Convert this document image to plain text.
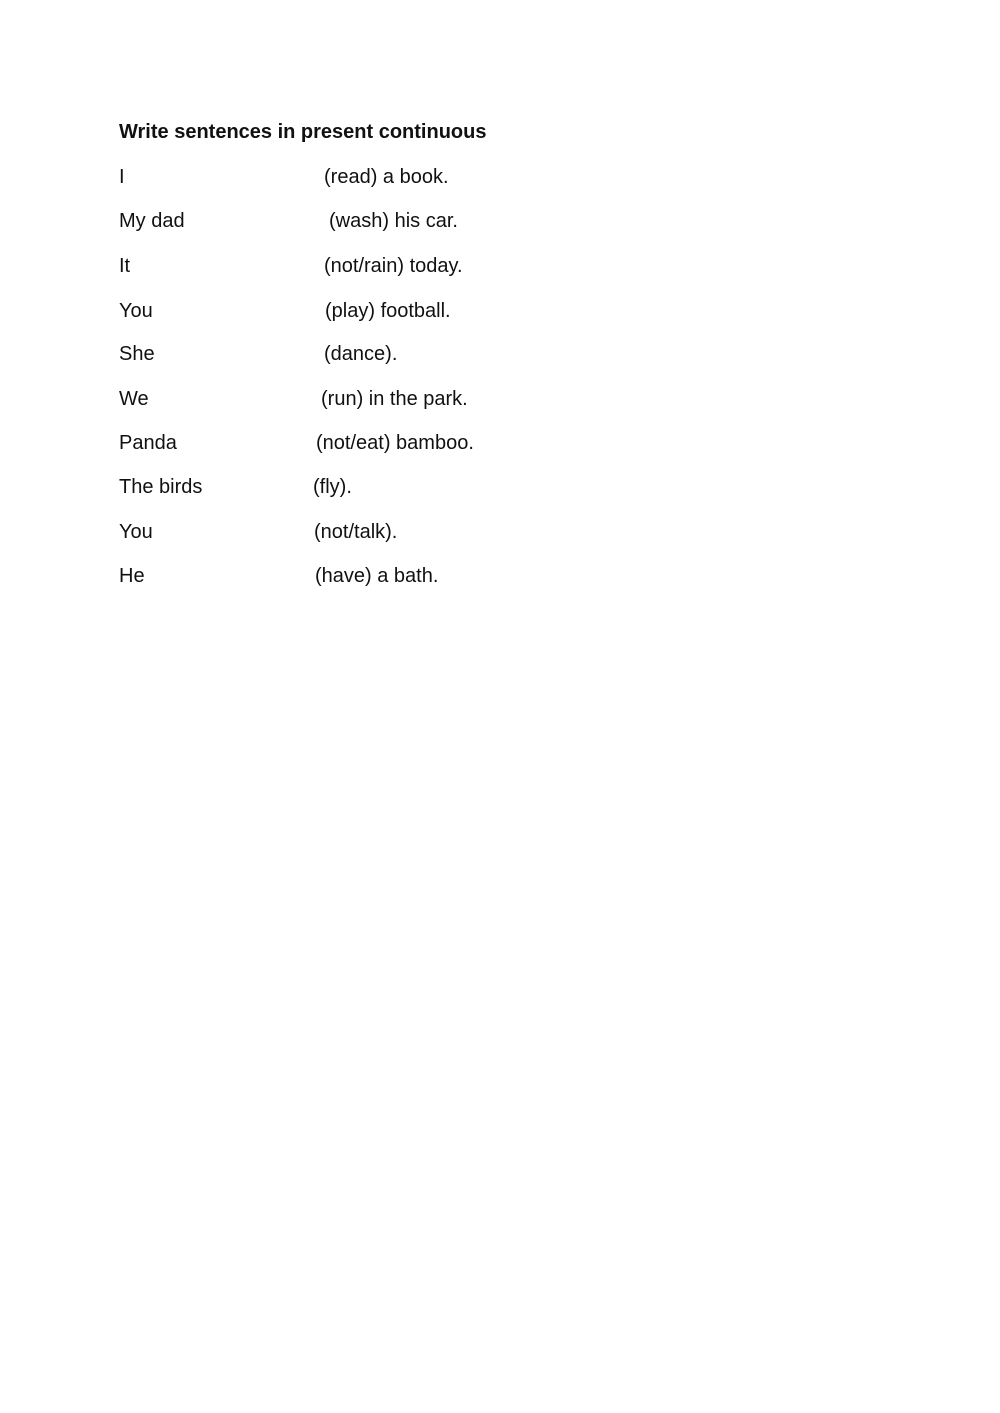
Write sentences in present continuous
I	(read) a book.
My dad	(wash) his car.
It	(not/rain) today.
You	(play) football.
She	(dance).
We	(run) in the park.
Panda	(not/eat) bamboo.
The birds	(fly).
You	(not/talk).
He	(have) a bath.
